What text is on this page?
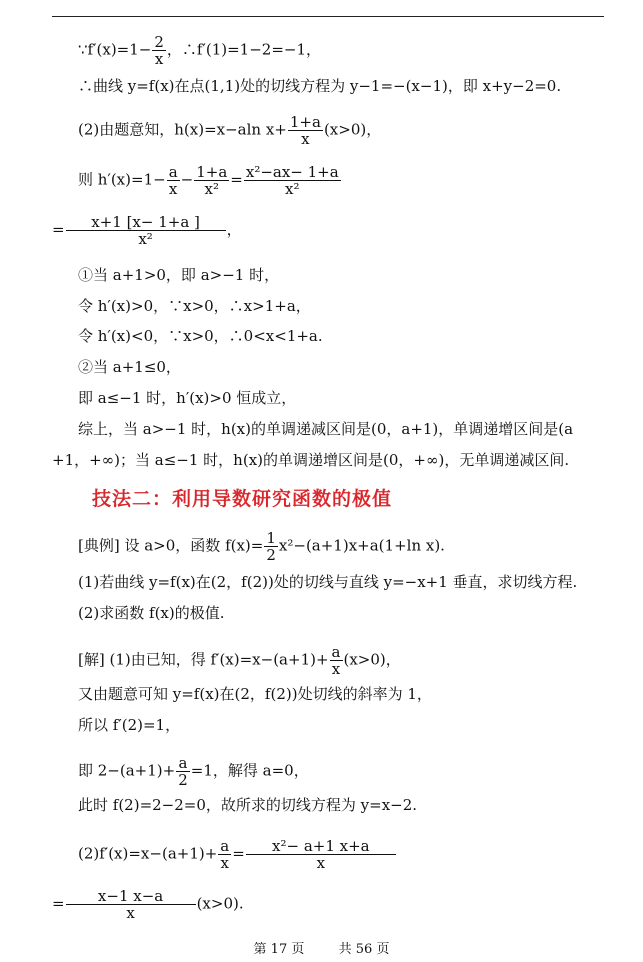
∵f′(x)=1− $\frac{2}{x}$ ，∴f′(1)=1−2=−1，
∴曲线 y=f(x)在点(1,1)处的切线方程为 y−1=−(x−1)，即 x+y−2=0.
(2)由题意知，h(x)=x−aln $x+ \frac{1+a}{x} (x>0)$，
则 $h'(x)=1- \frac{a}{x} - \frac{1+a}{\text{x²}} = \frac{\text{x²−ax− 1+a}}{\text{x²}}$
= $\frac{x+1 [x- 1+a ]}{\text{x²}}$ ，
①当 a+1>0，即 a>−1 时，
令 h′(x)>0，∵x>0，∴x>1+a，
令 h′(x)<0，∵x>0，∴0<x<1+a.
②当 a+1≤0，
即 a≤−1 时，h′(x)>0 恒成立，
综上，当 a>−1 时，h(x)的单调递减区间是(0，a+1)，单调递增区间是(a
+1，+∞)；当 a≤−1 时，h(x)的单调递增区间是(0，+∞)，无单调递减区间.
技法二：利用导数研究函数的极值
[典例] 设 a>0，函数 $f(x)= \frac{1}{2} x^2-(a+1)x+a(1+\ln$ x).
(1)若曲线 y=f(x)在(2，f(2))处的切线与直线 y=−x+1 垂直，求切线方程.
(2)求函数 f(x)的极值.
[解] (1)由已知，得 $f'(x)=x-(a+1)+ \frac{a}{x} (x>0)$，
又由题意可知 y=f(x)在(2，f(2))处切线的斜率为 1，
所以 f′(2)=1，
即 $2-(a+1)+ \frac{a}{2} =1$，解得 a=0，
此时 f(2)=2−2=0，故所求的切线方程为 y=x−2.
$(2)f'(x)=x-(a+1)+ \frac{a}{x} = \frac{\text{x²− a+1 x+a}}{x}$
= $\frac{x-1 x-a}{x} (x>0)$.
第 17 页	共 56 页
